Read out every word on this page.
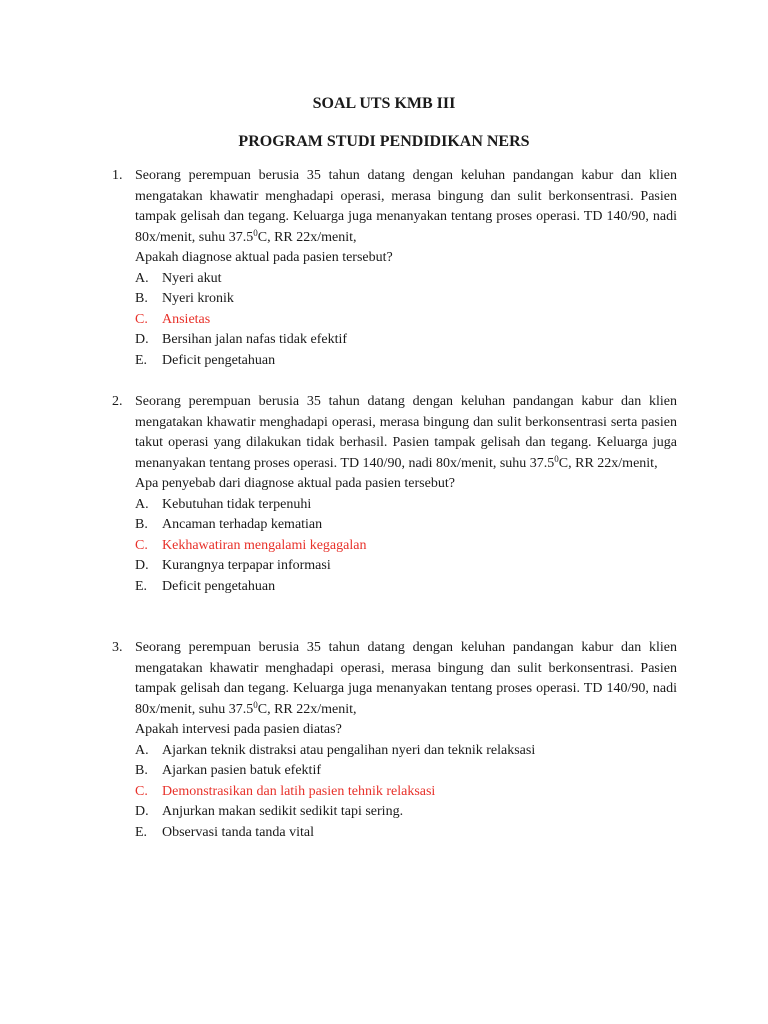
SOAL UTS KMB III
PROGRAM STUDI PENDIDIKAN NERS
1. Seorang perempuan berusia 35 tahun datang dengan keluhan pandangan kabur dan klien mengatakan khawatir menghadapi operasi, merasa bingung dan sulit berkonsentrasi. Pasien tampak gelisah dan tegang. Keluarga juga menanyakan tentang proses operasi. TD 140/90, nadi 80x/menit, suhu 37.5$^0$C, RR 22x/menit,
Apakah diagnose aktual pada pasien tersebut?
A. Nyeri akut
B. Nyeri kronik
C. Ansietas
D. Bersihan jalan nafas tidak efektif
E. Deficit pengetahuan
2. Seorang perempuan berusia 35 tahun datang dengan keluhan pandangan kabur dan klien mengatakan khawatir menghadapi operasi, merasa bingung dan sulit berkonsentrasi serta pasien takut operasi yang dilakukan tidak berhasil. Pasien tampak gelisah dan tegang. Keluarga juga menanyakan tentang proses operasi. TD 140/90, nadi 80x/menit, suhu 37.5$^0$C, RR 22x/menit,
Apa penyebab dari diagnose aktual pada pasien tersebut?
A. Kebutuhan tidak terpenuhi
B. Ancaman terhadap kematian
C. Kekhawatiran mengalami kegagalan
D. Kurangnya terpapar informasi
E. Deficit pengetahuan
3. Seorang perempuan berusia 35 tahun datang dengan keluhan pandangan kabur dan klien mengatakan khawatir menghadapi operasi, merasa bingung dan sulit berkonsentrasi. Pasien tampak gelisah dan tegang. Keluarga juga menanyakan tentang proses operasi. TD 140/90, nadi 80x/menit, suhu 37.5$^0$C, RR 22x/menit,
Apakah intervesi pada pasien diatas?
A. Ajarkan teknik distraksi atau pengalihan nyeri dan teknik relaksasi
B. Ajarkan pasien batuk efektif
C. Demonstrasikan dan latih pasien tehnik relaksasi
D. Anjurkan makan sedikit sedikit tapi sering.
E. Observasi tanda tanda vital
